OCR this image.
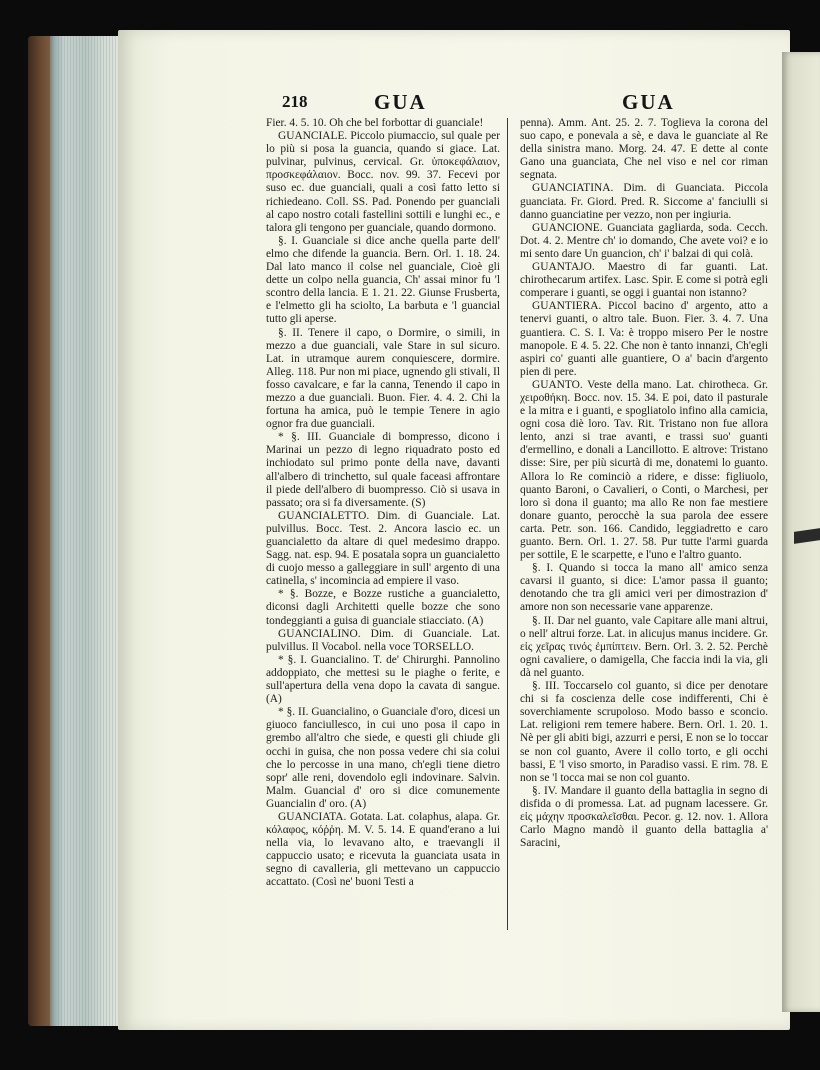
218	GUA	GUA

Fier. 4. 5. 10. Oh che bel forbottar di guanciale!

GUANCIALE. Piccolo piumaccio, sul quale per lo più si posa la guancia, quando si giace. Lat. pulvinar, pulvinus, cervical. Gr. ὑποκεφάλαιον, προσκεφάλαιον. Bocc. nov. 99. 37. Fecevi por suso ec. due guanciali, quali a così fatto letto si richiedeano. Coll. SS. Pad. Ponendo per guanciali al capo nostro cotali fastellini sottili e lunghi ec., e talora gli tengono per guanciale, quando dormono.

§. I. Guanciale si dice anche quella parte dell' elmo che difende la guancia. Bern. Orl. 1. 18. 24. Dal lato manco il colse nel guanciale, Cioè gli dette un colpo nella guancia, Ch' assai minor fu 'l scontro della lancia. E 1. 21. 22. Giunse Frusberta, e l'elmetto gli ha sciolto, La barbuta e 'l guancial tutto gli aperse.

§. II. Tenere il capo, o Dormire, o simili, in mezzo a due guanciali, vale Stare in sul sicuro. Lat. in utramque aurem conquiescere, dormire. Alleg. 118. Pur non mi piace, ugnendo gli stivali, Il fosso cavalcare, e far la canna, Tenendo il capo in mezzo a due guanciali. Buon. Fier. 4. 4. 2. Chi la fortuna ha amica, può le tempie Tenere in agio ognor fra due guanciali.

* §. III. Guanciale di bompresso, dicono i Marinai un pezzo di legno riquadrato posto ed inchiodato sul primo ponte della nave, davanti all'albero di trinchetto, sul quale faceasi affrontare il piede dell'albero di buompresso. Ciò si usava in passato; ora si fa diversamente. (S)

GUANCIALETTO. Dim. di Guanciale. Lat. pulvillus. Bocc. Test. 2. Ancora lascio ec. un guancialetto da altare di quel medesimo drappo. Sagg. nat. esp. 94. E posatala sopra un guancialetto di cuojo messo a galleggiare in sull' argento di una catinella, s' incomincia ad empiere il vaso.

* §. Bozze, e Bozze rustiche a guancialetto, diconsi dagli Architetti quelle bozze che sono tondeggianti a guisa di guanciale stiacciato. (A)

GUANCIALINO. Dim. di Guanciale. Lat. pulvillus. Il Vocabol. nella voce TORSELLO.

* §. I. Guancialino. T. de' Chirurghi. Pannolino addoppiato, che mettesi su le piaghe o ferite, e sull'apertura della vena dopo la cavata di sangue. (A)

* §. II. Guancialino, o Guanciale d'oro, dicesi un giuoco fanciullesco, in cui uno posa il capo in grembo all'altro che siede, e questi gli chiude gli occhi in guisa, che non possa vedere chi sia colui che lo percosse in una mano, ch'egli tiene dietro sopr' alle reni, dovendolo egli indovinare. Salvin. Malm. Guancial d' oro si dice comunemente Guancialin d' oro. (A)

GUANCIATA. Gotata. Lat. colaphus, alapa. Gr. κόλαφος, κόῤῥη. M. V. 5. 14. E quand'erano a lui nella via, lo levavano alto, e traevangli il cappuccio usato; e ricevuta la guanciata usata in segno di cavalleria, gli mettevano un cappuccio accattato. (Così ne' buoni Testi a

penna). Amm. Ant. 25. 2. 7. Toglieva la corona del suo capo, e ponevala a sè, e dava le guanciate al Re della sinistra mano. Morg. 24. 47. E dette al conte Gano una guanciata, Che nel viso e nel cor riman segnata.

GUANCIATINA. Dim. di Guanciata. Piccola guanciata. Fr. Giord. Pred. R. Siccome a' fanciulli si danno guanciatine per vezzo, non per ingiuria.

GUANCIONE. Guanciata gagliarda, soda. Cecch. Dot. 4. 2. Mentre ch' io domando, Che avete voi? e io mi sento dare Un guancion, ch' i' balzai di qui colà.

GUANTAJO. Maestro di far guanti. Lat. chirothecarum artifex. Lasc. Spir. E come si potrà egli comperare i guanti, se oggi i guantai non istanno?

GUANTIERA. Piccol bacino d' argento, atto a tenervi guanti, o altro tale. Buon. Fier. 3. 4. 7. Una guantiera. C. S. I. Va: è troppo misero Per le nostre manopole. E 4. 5. 22. Che non è tanto innanzi, Ch'egli aspiri co' guanti alle guantiere, O a' bacin d'argento pien di pere.

GUANTO. Veste della mano. Lat. chirotheca. Gr. χειροθήκη. Bocc. nov. 15. 34. E poi, dato il pasturale e la mitra e i guanti, e spogliatolo infino alla camicia, ogni cosa diè loro. Tav. Rit. Tristano non fue allora lento, anzi si trae avanti, e trassi suo' guanti d'ermellino, e donali a Lancillotto. E altrove: Tristano disse: Sire, per più sicurtà di me, donatemi lo guanto. Allora lo Re cominciò a ridere, e disse: figliuolo, quanto Baroni, o Cavalieri, o Conti, o Marchesi, per loro sì dona il guanto; ma allo Re non fae mestiere donare guanto, perocchè la sua parola dee essere carta. Petr. son. 166. Candido, leggiadretto e caro guanto. Bern. Orl. 1. 27. 58. Pur tutte l'armi guarda per sottile, E le scarpette, e l'uno e l'altro guanto.

§. I. Quando si tocca la mano all' amico senza cavarsi il guanto, si dice: L'amor passa il guanto; denotando che tra gli amici veri per dimostrazion d' amore non son necessarie vane apparenze.

§. II. Dar nel guanto, vale Capitare alle mani altrui, o nell' altrui forze. Lat. in alicujus manus incidere. Gr. εἰς χεῖρας τινός ἐμπίπτειν. Bern. Orl. 3. 2. 52. Perchè ogni cavaliere, o damigella, Che faccia indi la via, gli dà nel guanto.

§. III. Toccarselo col guanto, si dice per denotare chi si fa coscienza delle cose indifferenti, Chi è soverchiamente scrupoloso. Modo basso e sconcio. Lat. religioni rem temere habere. Bern. Orl. 1. 20. 1. Nè per gli abiti bigi, azzurri e persi, E non se lo toccar se non col guanto, Avere il collo torto, e gli occhi bassi, E 'l viso smorto, in Paradiso vassi. E rim. 78. E non se 'l tocca mai se non col guanto.

§. IV. Mandare il guanto della battaglia in segno di disfida o di promessa. Lat. ad pugnam lacessere. Gr. εἰς μάχην προσκαλεῖσθαι. Pecor. g. 12. nov. 1. Allora Carlo Magno mandò il guanto della battaglia a' Saracini,
